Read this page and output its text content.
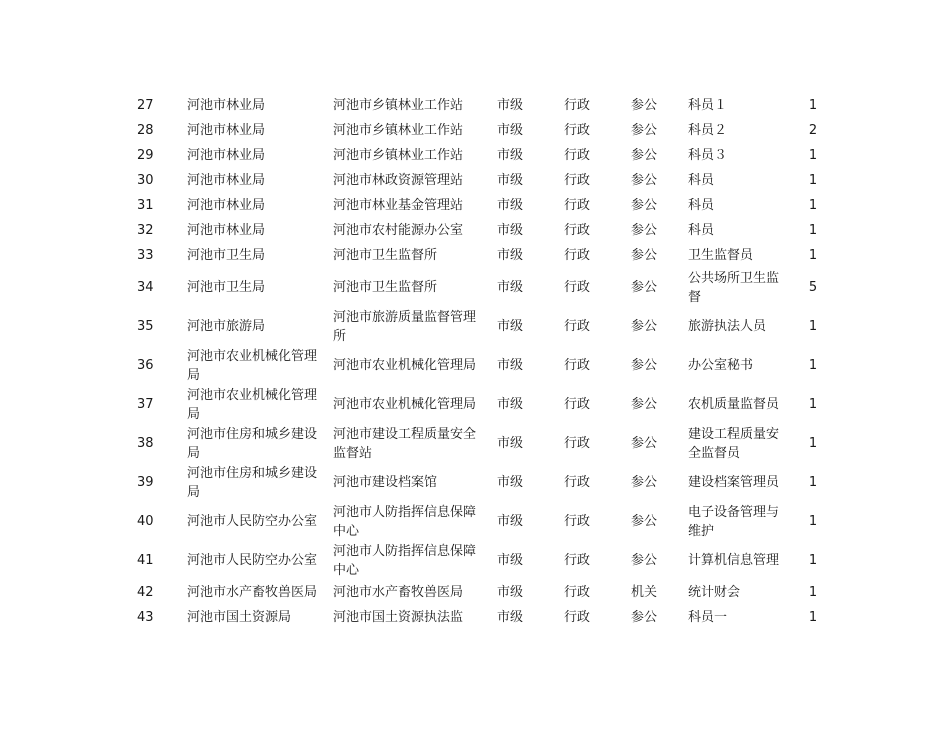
27	河池市林业局	河池市乡镇林业工作站	市级	行政	参公	科员１	1
28	河池市林业局	河池市乡镇林业工作站	市级	行政	参公	科员２	2
29	河池市林业局	河池市乡镇林业工作站	市级	行政	参公	科员３	1
30	河池市林业局	河池市林政资源管理站	市级	行政	参公	科员	1
31	河池市林业局	河池市林业基金管理站	市级	行政	参公	科员	1
32	河池市林业局	河池市农村能源办公室	市级	行政	参公	科员	1
33	河池市卫生局	河池市卫生监督所	市级	行政	参公	卫生监督员	1
34	河池市卫生局	河池市卫生监督所	市级	行政	参公	公共场所卫生监督	5
35	河池市旅游局	河池市旅游质量监督管理所	市级	行政	参公	旅游执法人员	1
36	河池市农业机械化管理局	河池市农业机械化管理局	市级	行政	参公	办公室秘书	1
37	河池市农业机械化管理局	河池市农业机械化管理局	市级	行政	参公	农机质量监督员	1
38	河池市住房和城乡建设局	河池市建设工程质量安全监督站	市级	行政	参公	建设工程质量安全监督员	1
39	河池市住房和城乡建设局	河池市建设档案馆	市级	行政	参公	建设档案管理员	1
40	河池市人民防空办公室	河池市人防指挥信息保障中心	市级	行政	参公	电子设备管理与维护	1
41	河池市人民防空办公室	河池市人防指挥信息保障中心	市级	行政	参公	计算机信息管理	1
42	河池市水产畜牧兽医局	河池市水产畜牧兽医局	市级	行政	机关	统计财会	1
43	河池市国土资源局	河池市国土资源执法监	市级	行政	参公	科员一	1
